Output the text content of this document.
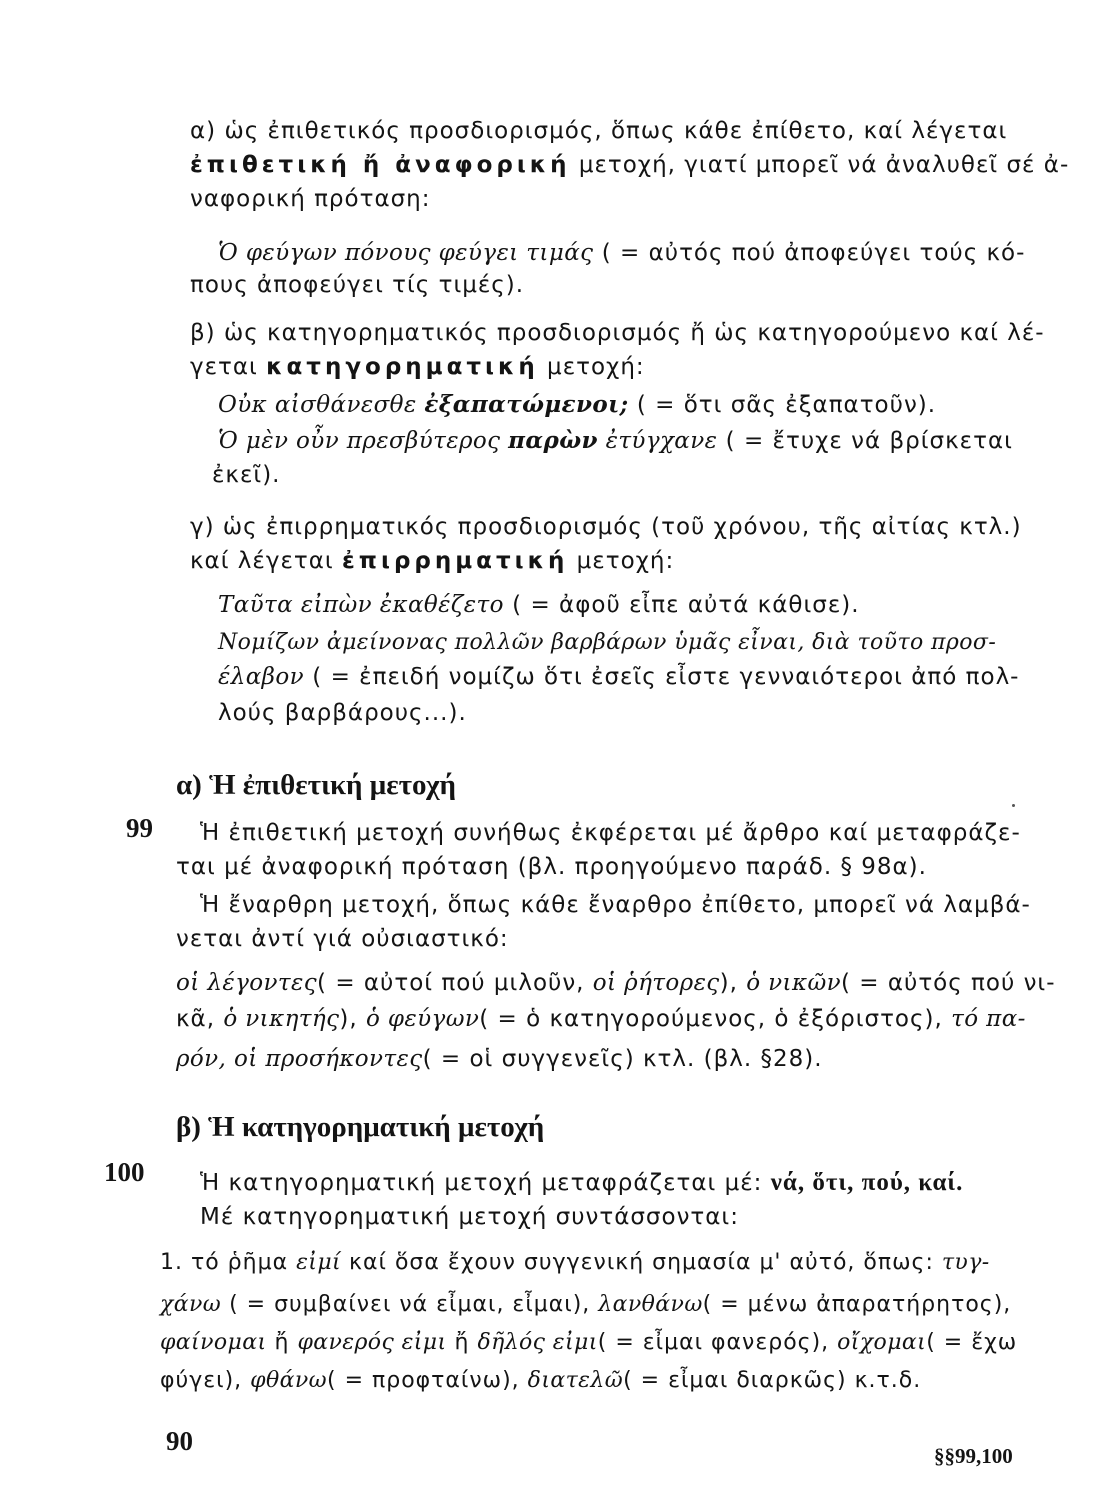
α) ὡς ἐπιθετικός προσδιορισμός, ὅπως κάθε ἐπίθετο, καί λέγεται

ἐπιθετική ἤ ἀναφορική μετοχή, γιατί μπορεῖ νά ἀναλυθεῖ σέ ἀ-

ναφορική πρόταση:

Ὁ φεύγων πόνους φεύγει τιμάς ( = αὐτός πού ἀποφεύγει τούς κό-

πους ἀποφεύγει τίς τιμές).

β) ὡς κατηγορηματικός προσδιορισμός ἤ ὡς κατηγορούμενο καί λέ-

γεται κατηγορηματική μετοχή:

Οὐκ αἰσθάνεσθε ἐξαπατώμενοι; ( = ὅτι σᾶς ἐξαπατοῦν).

Ὁ μὲν οὖν πρεσβύτερος παρὼν ἐτύγχανε ( = ἔτυχε νά βρίσκεται

ἐκεῖ).

γ) ὡς ἐπιρρηματικός προσδιορισμός (τοῦ χρόνου, τῆς αἰτίας κτλ.)

καί λέγεται ἐπιρρηματική μετοχή:

Ταῦτα εἰπὼν ἐκαθέζετο ( = ἀφοῦ εἶπε αὐτά κάθισε).

Νομίζων ἀμείνονας πολλῶν βαρβάρων ὑμᾶς εἶναι, διὰ τοῦτο προσ-

έλαβον ( = ἐπειδή νομίζω ὅτι ἐσεῖς εἶστε γενναιότεροι ἀπό πολ-

λούς βαρβάρους...).

α) Ἡ ἐπιθετική μετοχή

99 Ἡ ἐπιθετική μετοχή συνήθως ἐκφέρεται μέ ἄρθρο καί μεταφράζε-

ται μέ ἀναφορική πρόταση (βλ. προηγούμενο παράδ. § 98α).

Ἡ ἔναρθρη μετοχή, ὅπως κάθε ἔναρθρο ἐπίθετο, μπορεῖ νά λαμβά-

νεται ἀντί γιά οὐσιαστικό:

οἱ λέγοντες( = αὐτοί πού μιλοῦν, οἱ ῥήτορες), ὁ νικῶν( = αὐτός πού νι-

κᾶ, ὁ νικητής), ὁ φεύγων( = ὁ κατηγορούμενος, ὁ ἐξόριστος), τό πα-

ρόν, οἱ προσήκοντες( = οἱ συγγενεῖς) κτλ. (βλ. §28).

β) Ἡ κατηγορηματική μετοχή

100 Ἡ κατηγορηματική μετοχή μεταφράζεται μέ: νά, ὅτι, πού, καί.

Μέ κατηγορηματική μετοχή συντάσσονται:

1. τό ῥῆμα εἰμί καί ὅσα ἔχουν συγγενική σημασία μ' αὐτό, ὅπως: τυγ-

χάνω ( = συμβαίνει νά εἶμαι, εἶμαι), λανθάνω( = μένω ἀπαρατήρητος),

φαίνομαι ἤ φανερός εἰμι ἤ δῆλός εἰμι( = εἶμαι φανερός), οἴχομαι( = ἔχω

φύγει), φθάνω( = προφταίνω), διατελῶ( = εἶμαι διαρκῶς) κ.τ.δ.

90	§§99,100
